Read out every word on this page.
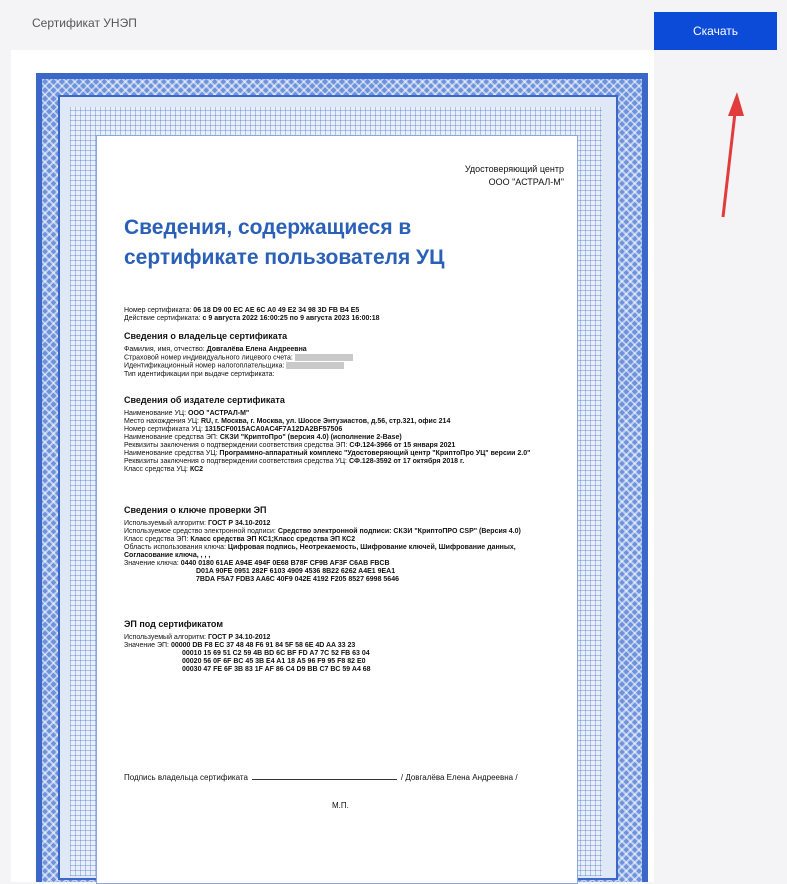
Сертификат УНЭП
Скачать
Удостоверяющий центр
ООО "АСТРАЛ-М"
Сведения, содержащиеся в сертификате пользователя УЦ
Номер сертификата: 06 18 D9 00 EC AE 6C A0 49 E2 34 98 3D FB B4 E5
Действие сертификата: с 9 августа 2022 16:00:25 по 9 августа 2023 16:00:18
Сведения о владельце сертификата
Фамилия, имя, отчество: Довгалёва Елена Андреевна
Страховой номер индивидуального лицевого счета:
Идентификационный номер налогоплательщика:
Тип идентификации при выдаче сертификата:
Сведения об издателе сертификата
Наименование УЦ: ООО "АСТРАЛ-М"
Место нахождения УЦ: RU, г. Москва, г. Москва, ул. Шоссе Энтузиастов, д.56, стр.321, офис 214
Номер сертификата УЦ: 1315CF0015ACA0AC4F7A12DA2BF57506
Наименование средства ЭП: СКЗИ "КриптоПро" (версия 4.0) (исполнение 2-Base)
Реквизиты заключения о подтверждении соответствия средства ЭП: СФ.124-3966 от 15 января 2021
Наименование средства УЦ: Программно-аппаратный комплекс "Удостоверяющий центр "КриптоПро УЦ" версии 2.0"
Реквизиты заключения о подтверждении соответствия средства УЦ: СФ.128-3592 от 17 октября 2018 г.
Класс средства УЦ: КС2
Сведения о ключе проверки ЭП
Используемый алгоритм: ГОСТ Р 34.10-2012
Используемое средство электронной подписи: Средство электронной подписи: СКЗИ "КриптоПРО CSP" (Версия 4.0)
Класс средства ЭП: Класс средства ЭП КС1;Класс средства ЭП КС2
Область использования ключа: Цифровая подпись, Неотрекаемость, Шифрование ключей, Шифрование данных, Согласование ключа, , , ,
Значение ключа: 0440 0180 61AE A94E 494F 0E68 B78F CF9B AF3F C6AB FBCB
D01A 90FE 0951 282F 6103 4909 4536 8B22 6262 A4E1 9EA1
7BDA F5A7 FDB3 AA6C 40F9 042E 4192 F205 8527 6998 5646
ЭП под сертификатом
Используемый алгоритм: ГОСТ Р 34.10-2012
Значение ЭП: 00000 DB F8 EC 37 48 48 F6 91 84 5F 58 6E 4D AA 33 23
00010 15 69 51 C2 59 4B BD 6C BF FD A7 7C 52 FB 63 04
00020 56 0F 6F BC 45 3B E4 A1 18 A5 96 F9 95 F8 82 E0
00030 47 FE 6F 3B 83 1F AF 86 C4 D9 BB C7 BC 59 A4 68
Подпись владельца сертификата	/ Довгалёва Елена Андреевна /
М.П.
